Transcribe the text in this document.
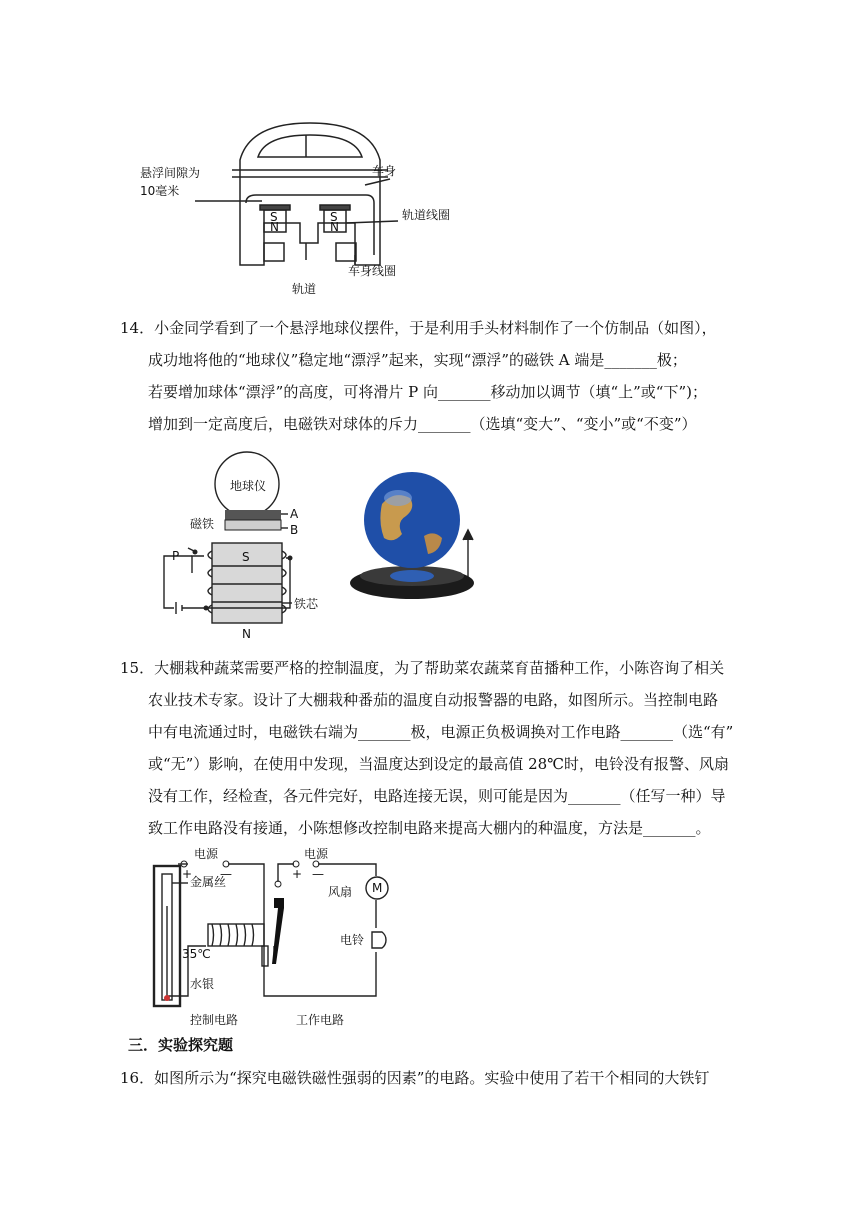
悬浮间隙为
10毫米
车身
轨道线圈
车身线圈
轨道
S
N
S
N
14．小金同学看到了一个悬浮地球仪摆件，于是利用手头材料制作了一个仿制品（如图），
成功地将他的“地球仪”稳定地“漂浮”起来，实现“漂浮”的磁铁 A 端是_______极；
若要增加球体“漂浮”的高度，可将滑片 P 向_______移动加以调节（填“上”或“下”)；
增加到一定高度后，电磁铁对球体的斥力_______（选填“变大”、“变小”或“不变”）
地球仪
磁铁
A
B
P	S
N
铁芯
15．大棚栽种蔬菜需要严格的控制温度，为了帮助菜农蔬菜育苗播种工作，小陈咨询了相关
农业技术专家。设计了大棚栽种番茄的温度自动报警器的电路，如图所示。当控制电路
中有电流通过时，电磁铁右端为_______极，电源正负极调换对工作电路_______（选“有”
或“无”）影响，在使用中发现，当温度达到设定的最高值 28℃时，电铃没有报警、风扇
没有工作，经检查，各元件完好，电路连接无误，则可能是因为_______（任写一种）导
致工作电路没有接通，小陈想修改控制电路来提高大棚内的种温度，方法是_______。
电源	电源
+ —	+ —
金属丝
35℃
水银
风扇 M
电铃
控制电路	工作电路
三．实验探究题
16．如图所示为“探究电磁铁磁性强弱的因素”的电路。实验中使用了若干个相同的大铁钉
